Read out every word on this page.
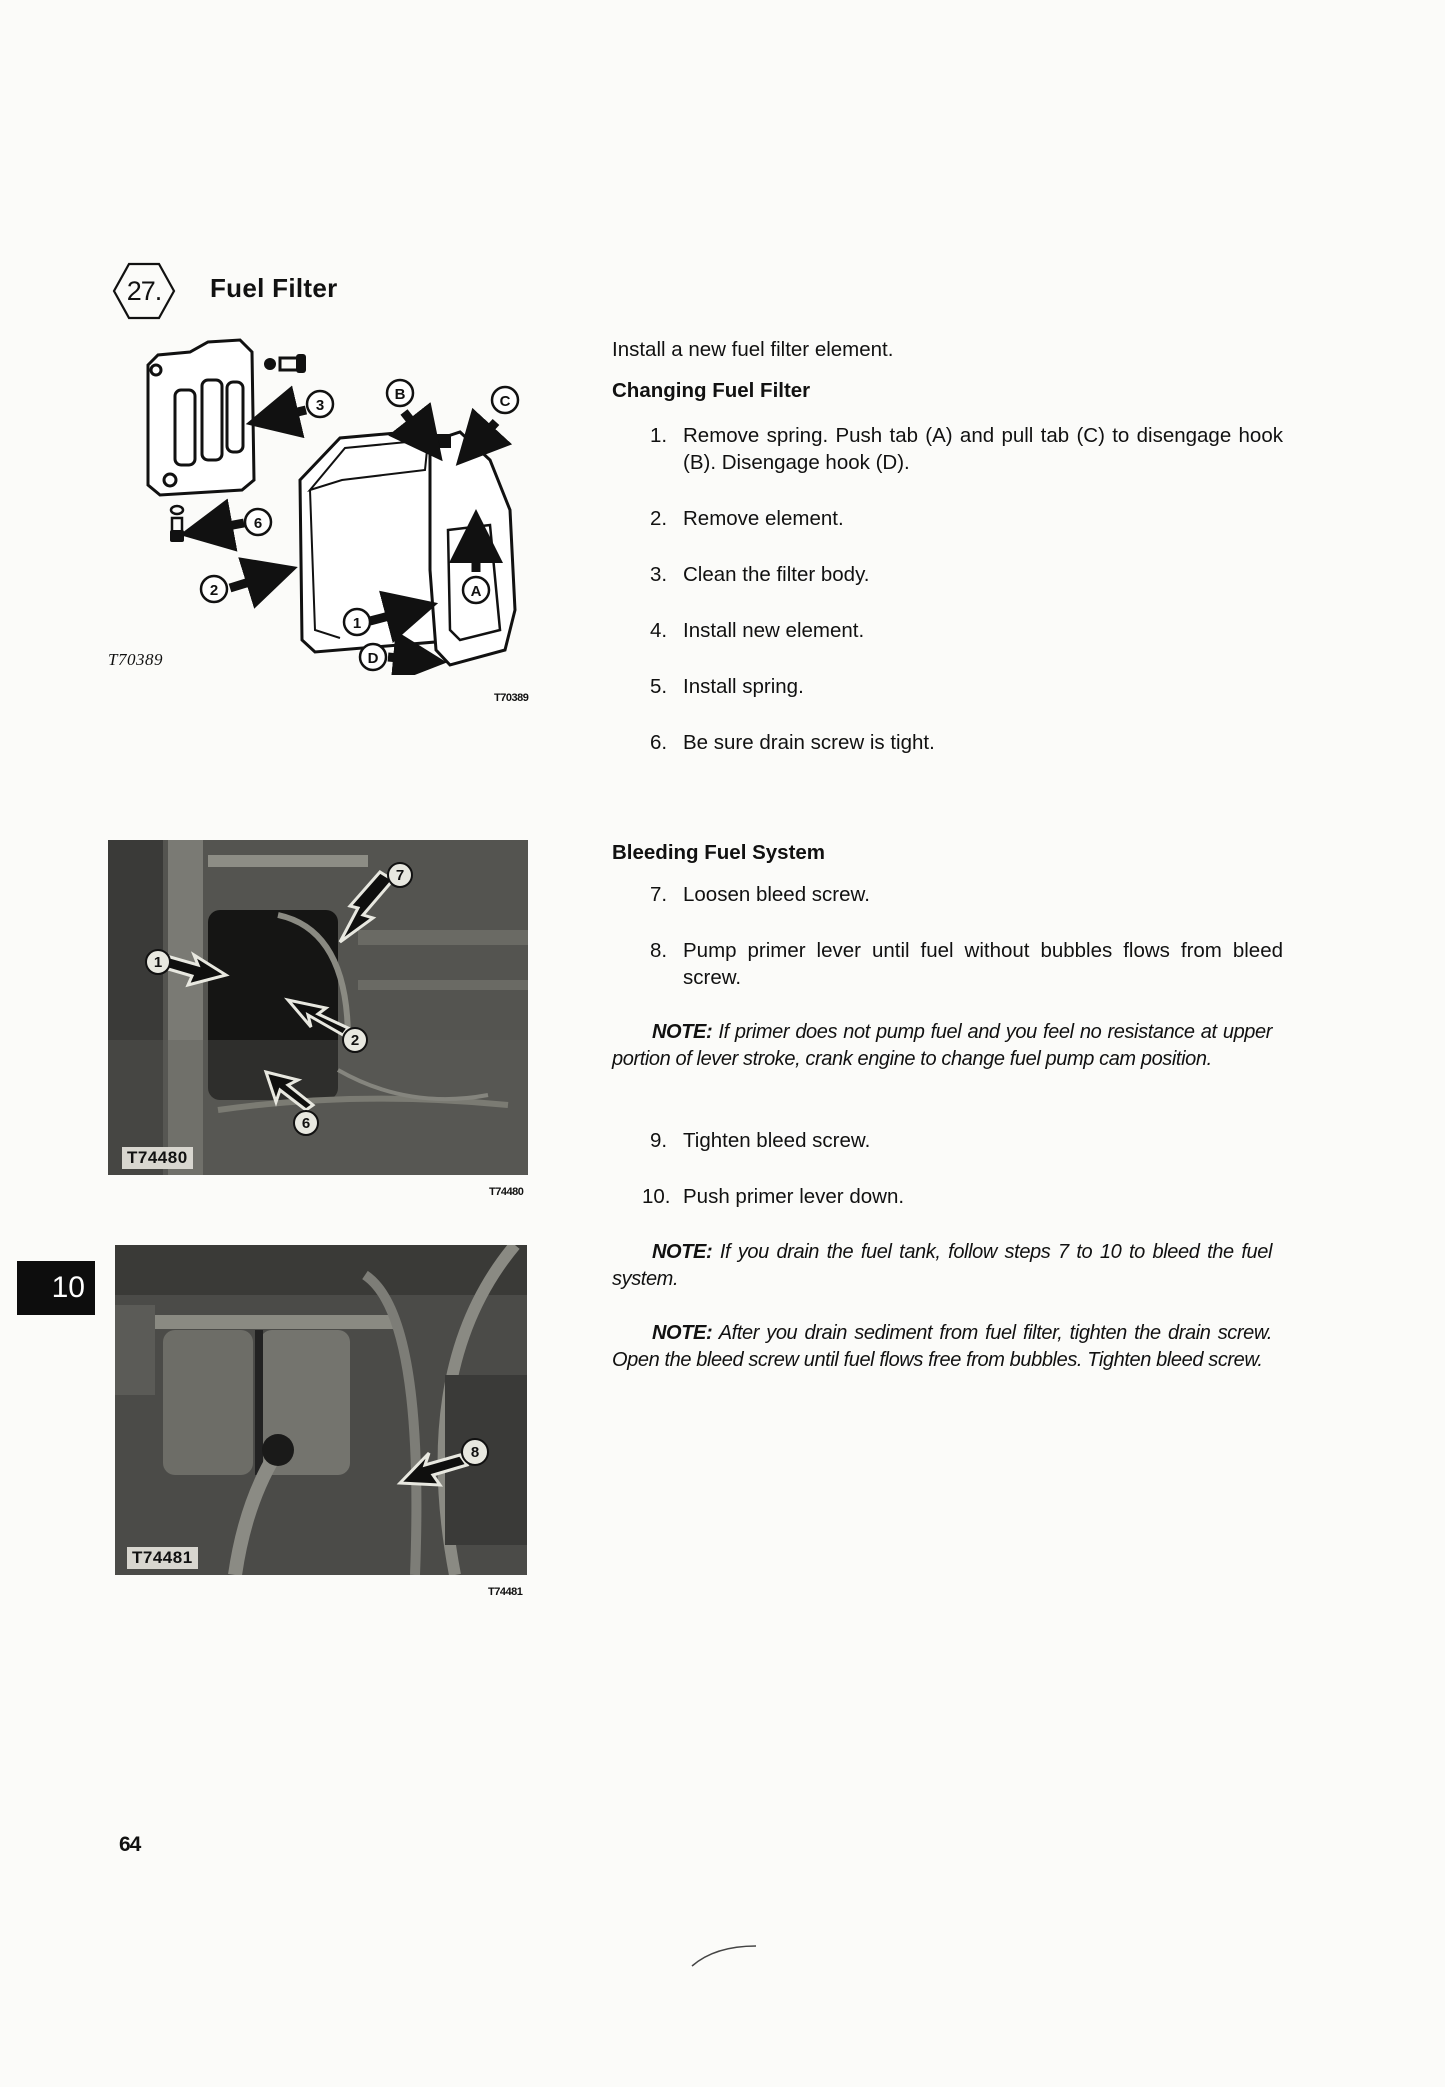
27.	Fuel Filter
3
B	C
6
2	A
1
D
T70389
T70389
7
1
2
6
T74480
T74480
10
8
T74481
T74481
Install a new fuel filter element.
Changing Fuel Filter
1. Remove spring. Push tab (A) and pull tab (C) to disengage hook (B). Disengage hook (D).
2. Remove element.
3. Clean the filter body.
4. Install new element.
5. Install spring.
6. Be sure drain screw is tight.
Bleeding Fuel System
7. Loosen bleed screw.
8. Pump primer lever until fuel without bubbles flows from bleed screw.
NOTE: If primer does not pump fuel and you feel no resistance at upper portion of lever stroke, crank engine to change fuel pump cam position.
9. Tighten bleed screw.
10. Push primer lever down.
NOTE: If you drain the fuel tank, follow steps 7 to 10 to bleed the fuel system.
NOTE: After you drain sediment from fuel filter, tighten the drain screw. Open the bleed screw until fuel flows free from bubbles. Tighten bleed screw.
64
